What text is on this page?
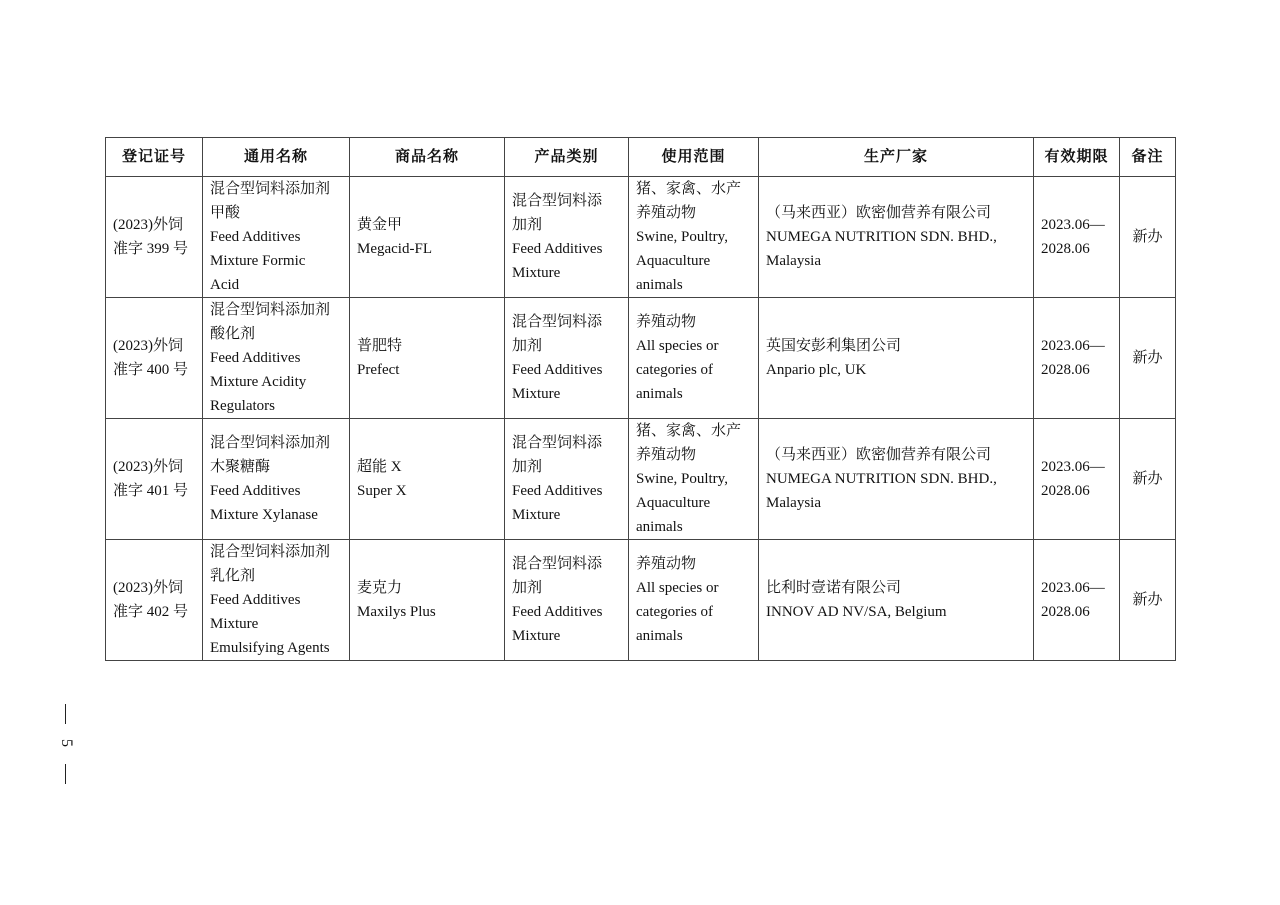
登记证号	通用名称	商品名称	产品类别	使用范围	生产厂家	有效期限	备注

(2023)外饲
准字 399 号	混合型饲料添加剂
甲酸
Feed Additives
Mixture Formic
Acid	黄金甲
Megacid-FL	混合型饲料添
加剂
Feed Additives
Mixture	猪、家禽、水产
养殖动物
Swine, Poultry,
Aquaculture
animals	（马来西亚）欧密伽营养有限公司
NUMEGA NUTRITION SDN. BHD.,
Malaysia	2023.06—
2028.06	新办

(2023)外饲
准字 400 号	混合型饲料添加剂
酸化剂
Feed Additives
Mixture Acidity
Regulators	普肥特
Prefect	混合型饲料添
加剂
Feed Additives
Mixture	养殖动物
All species or
categories of
animals	英国安彭利集团公司
Anpario plc, UK	2023.06—
2028.06	新办

(2023)外饲
准字 401 号	混合型饲料添加剂
木聚糖酶
Feed Additives
Mixture Xylanase	超能 X
Super X	混合型饲料添
加剂
Feed Additives
Mixture	猪、家禽、水产
养殖动物
Swine, Poultry,
Aquaculture
animals	（马来西亚）欧密伽营养有限公司
NUMEGA NUTRITION SDN. BHD.,
Malaysia	2023.06—
2028.06	新办

(2023)外饲
准字 402 号	混合型饲料添加剂
乳化剂
Feed Additives
Mixture
Emulsifying Agents	麦克力
Maxilys Plus	混合型饲料添
加剂
Feed Additives
Mixture	养殖动物
All species or
categories of
animals	比利时壹诺有限公司
INNOV AD NV/SA, Belgium	2023.06—
2028.06	新办
5
